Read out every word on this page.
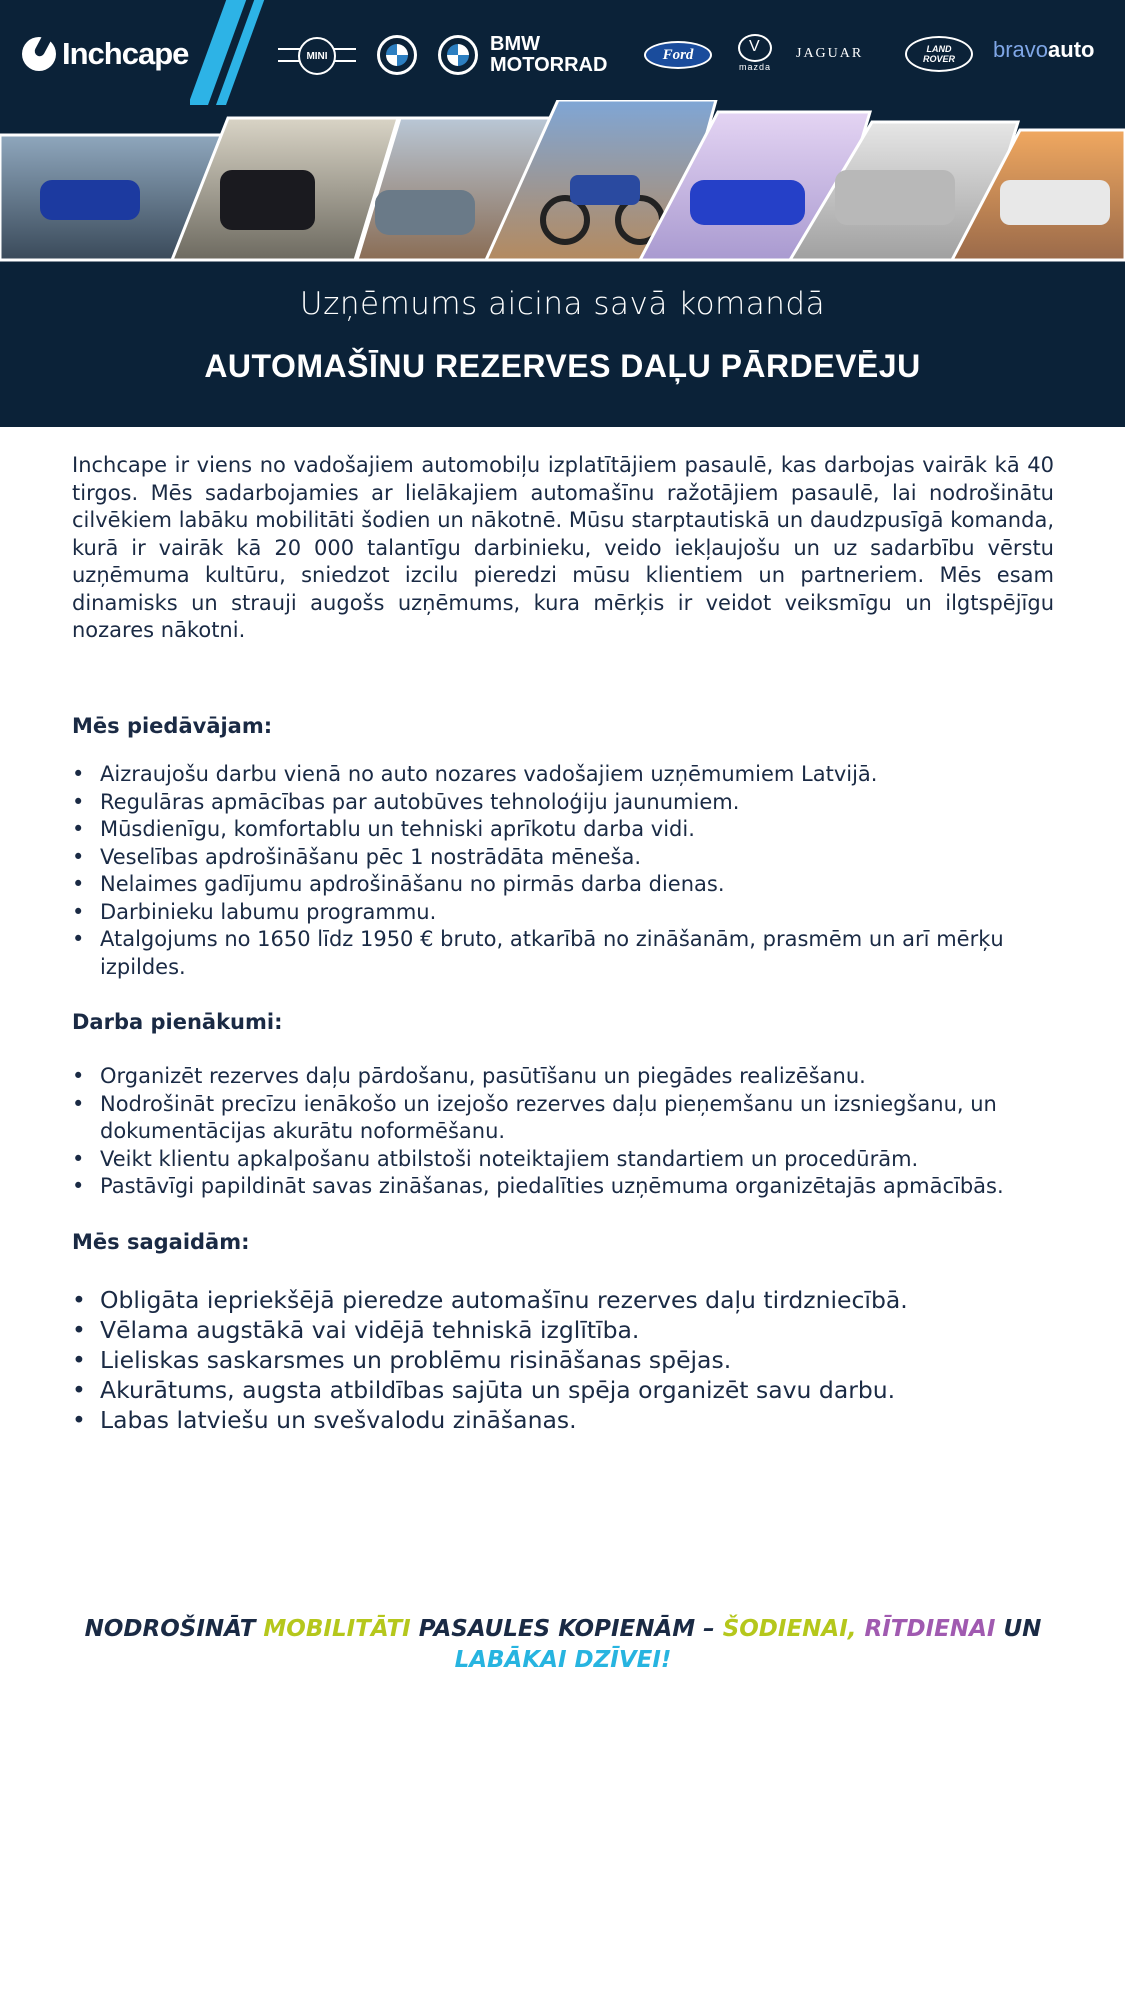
Inchcape	MINI
BMW
MOTORRAD	Ford
V
mazda
JAGUAR	LAND
ROVER bravo auto
Uzņēmums aicina savā komandā
AUTOMAŠĪNU REZERVES DAĻU PĀRDEVĒJU

Inchcape ir viens no vadošajiem automobiļu izplatītājiem pasaulē, kas darbojas vairāk kā 40 tirgos. Mēs sadarbojamies ar lielākajiem automašīnu ražotājiem pasaulē, lai nodrošinātu cilvēkiem labāku mobilitāti šodien un nākotnē. Mūsu starptautiskā un daudzpusīgā komanda, kurā ir vairāk kā 20 000 talantīgu darbinieku, veido iekļaujošu un uz sadarbību vērstu uzņēmuma kultūru, sniedzot izcilu pieredzi mūsu klientiem un partneriem. Mēs esam dinamisks un strauji augošs uzņēmums, kura mērķis ir veidot veiksmīgu un ilgtspējīgu nozares nākotni.

Mēs piedāvājam:
• Aizraujošu darbu vienā no auto nozares vadošajiem uzņēmumiem Latvijā.
• Regulāras apmācības par autobūves tehnoloģiju jaunumiem.
• Mūsdienīgu, komfortablu un tehniski aprīkotu darba vidi.
• Veselības apdrošināšanu pēc 1 nostrādāta mēneša.
• Nelaimes gadījumu apdrošināšanu no pirmās darba dienas.
• Darbinieku labumu programmu.
• Atalgojums no 1650 līdz 1950 € bruto, atkarībā no zināšanām, prasmēm un arī mērķu izpildes.
Darba pienākumi:
• Organizēt rezerves daļu pārdošanu, pasūtīšanu un piegādes realizēšanu.
• Nodrošināt precīzu ienākošo un izejošo rezerves daļu pieņemšanu un izsniegšanu, un dokumentācijas akurātu noformēšanu.
• Veikt klientu apkalpošanu atbilstoši noteiktajiem standartiem un procedūrām.
• Pastāvīgi papildināt savas zināšanas, piedalīties uzņēmuma organizētajās apmācībās.
Mēs sagaidām:
• Obligāta iepriekšējā pieredze automašīnu rezerves daļu tirdzniecībā.
• Vēlama augstākā vai vidējā tehniskā izglītība.
• Lieliskas saskarsmes un problēmu risināšanas spējas.
• Akurātums, augsta atbildības sajūta un spēja organizēt savu darbu.
• Labas latviešu un svešvalodu zināšanas.
NODROŠINĀT MOBILITĀTI PASAULES KOPIENĀM – ŠODIENAI, RĪTDIENAI UN
LABĀKAI DZĪVEI!
